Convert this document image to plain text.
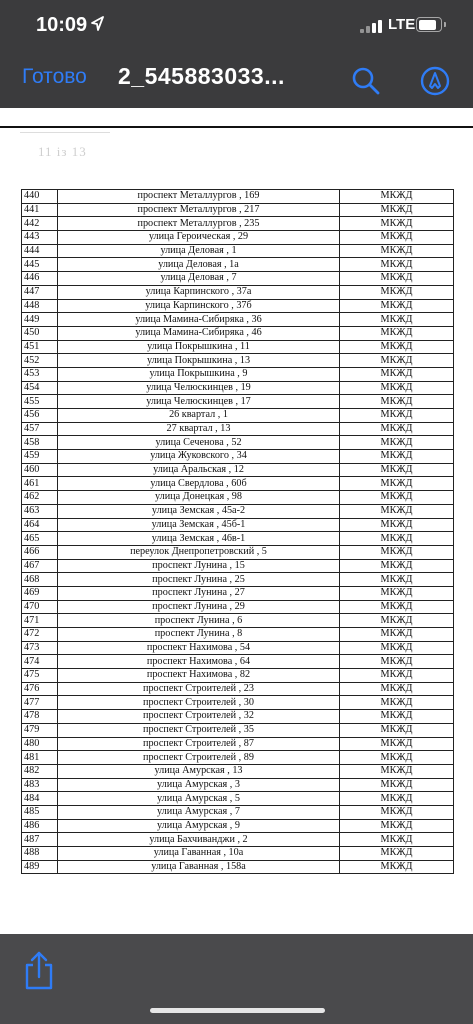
10:09	LTE
Готово 2_545883033...
11 із 13
440	проспект Металлургов , 169	МКЖД
441	проспект Металлургов , 217	МКЖД
442	проспект Металлургов , 235	МКЖД
443	улица Героическая , 29	МКЖД
444	улица Деловая , 1	МКЖД
445	улица Деловая , 1а	МКЖД
446	улица Деловая , 7	МКЖД
447	улица Карпинского , 37а	МКЖД
448	улица Карпинского , 37б	МКЖД
449	улица Мамина-Сибиряка , 36	МКЖД
450	улица Мамина-Сибиряка , 46	МКЖД
451	улица Покрышкина , 11	МКЖД
452	улица Покрышкина , 13	МКЖД
453	улица Покрышкина , 9	МКЖД
454	улица Челюскинцев , 19	МКЖД
455	улица Челюскинцев , 17	МКЖД
456	26 квартал , 1	МКЖД
457	27 квартал , 13	МКЖД
458	улица Сеченова , 52	МКЖД
459	улица Жуковского , 34	МКЖД
460	улица Аральская , 12	МКЖД
461	улица Свердлова , 60б	МКЖД
462	улица Донецкая , 98	МКЖД
463	улица Земская , 45а-2	МКЖД
464	улица Земская , 45б-1	МКЖД
465	улица Земская , 46в-1	МКЖД
466	переулок Днепропетровский , 5	МКЖД
467	проспект Лунина , 15	МКЖД
468	проспект Лунина , 25	МКЖД
469	проспект Лунина , 27	МКЖД
470	проспект Лунина , 29	МКЖД
471	проспект Лунина , 6	МКЖД
472	проспект Лунина , 8	МКЖД
473	проспект Нахимова , 54	МКЖД
474	проспект Нахимова , 64	МКЖД
475	проспект Нахимова , 82	МКЖД
476	проспект Строителей , 23	МКЖД
477	проспект Строителей , 30	МКЖД
478	проспект Строителей , 32	МКЖД
479	проспект Строителей , 35	МКЖД
480	проспект Строителей , 87	МКЖД
481	проспект Строителей , 89	МКЖД
482	улица Амурская , 13	МКЖД
483	улица Амурская , 3	МКЖД
484	улица Амурская , 5	МКЖД
485	улица Амурская , 7	МКЖД
486	улица Амурская , 9	МКЖД
487	улица Бахчиванджи , 2	МКЖД
488	улица Гаванная , 10а	МКЖД
489	улица Гаванная , 158а	МКЖД
